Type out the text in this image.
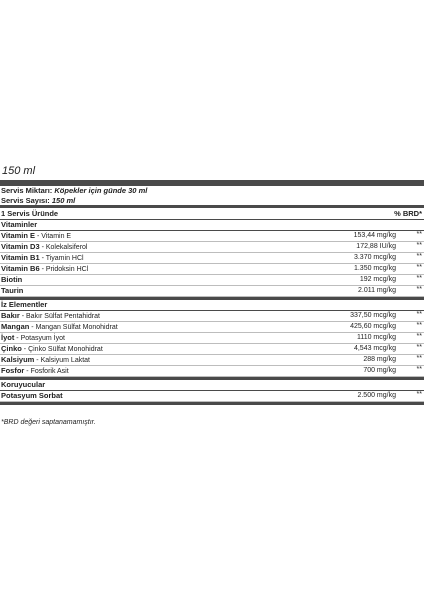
150 ml
Servis Miktarı: Köpekler için günde 30 ml
Servis Sayısı: 150 ml
1 Servis Üründe	% BRD*
Vitaminler
Vitamin E - Vitamin E	153,44 mg/kg	**
Vitamin D3 - Kolekalsiferol	172,88 IU/kg	**
Vitamin B1 - Tiyamin HCl	3.370 mcg/kg	**
Vitamin B6 - Pridoksin HCl	1.350 mcg/kg	**
Biotin	192 mcg/kg	**
Taurin	2.011 mg/kg	**
İz Elementler
Bakır - Bakır Sülfat Pentahidrat	337,50 mcg/kg	**
Mangan - Mangan Sülfat Monohidrat	425,60 mcg/kg	**
İyot - Potasyum İyot	1110 mcg/kg	**
Çinko - Çinko Sülfat Monohidrat	4,543 mcg/kg	**
Kalsiyum - Kalsiyum Laktat	288 mg/kg	**
Fosfor - Fosforik Asit	700 mg/kg	**
Koruyucular
Potasyum Sorbat	2.500 mg/kg	**
*BRD değeri saptanamamıştır.
